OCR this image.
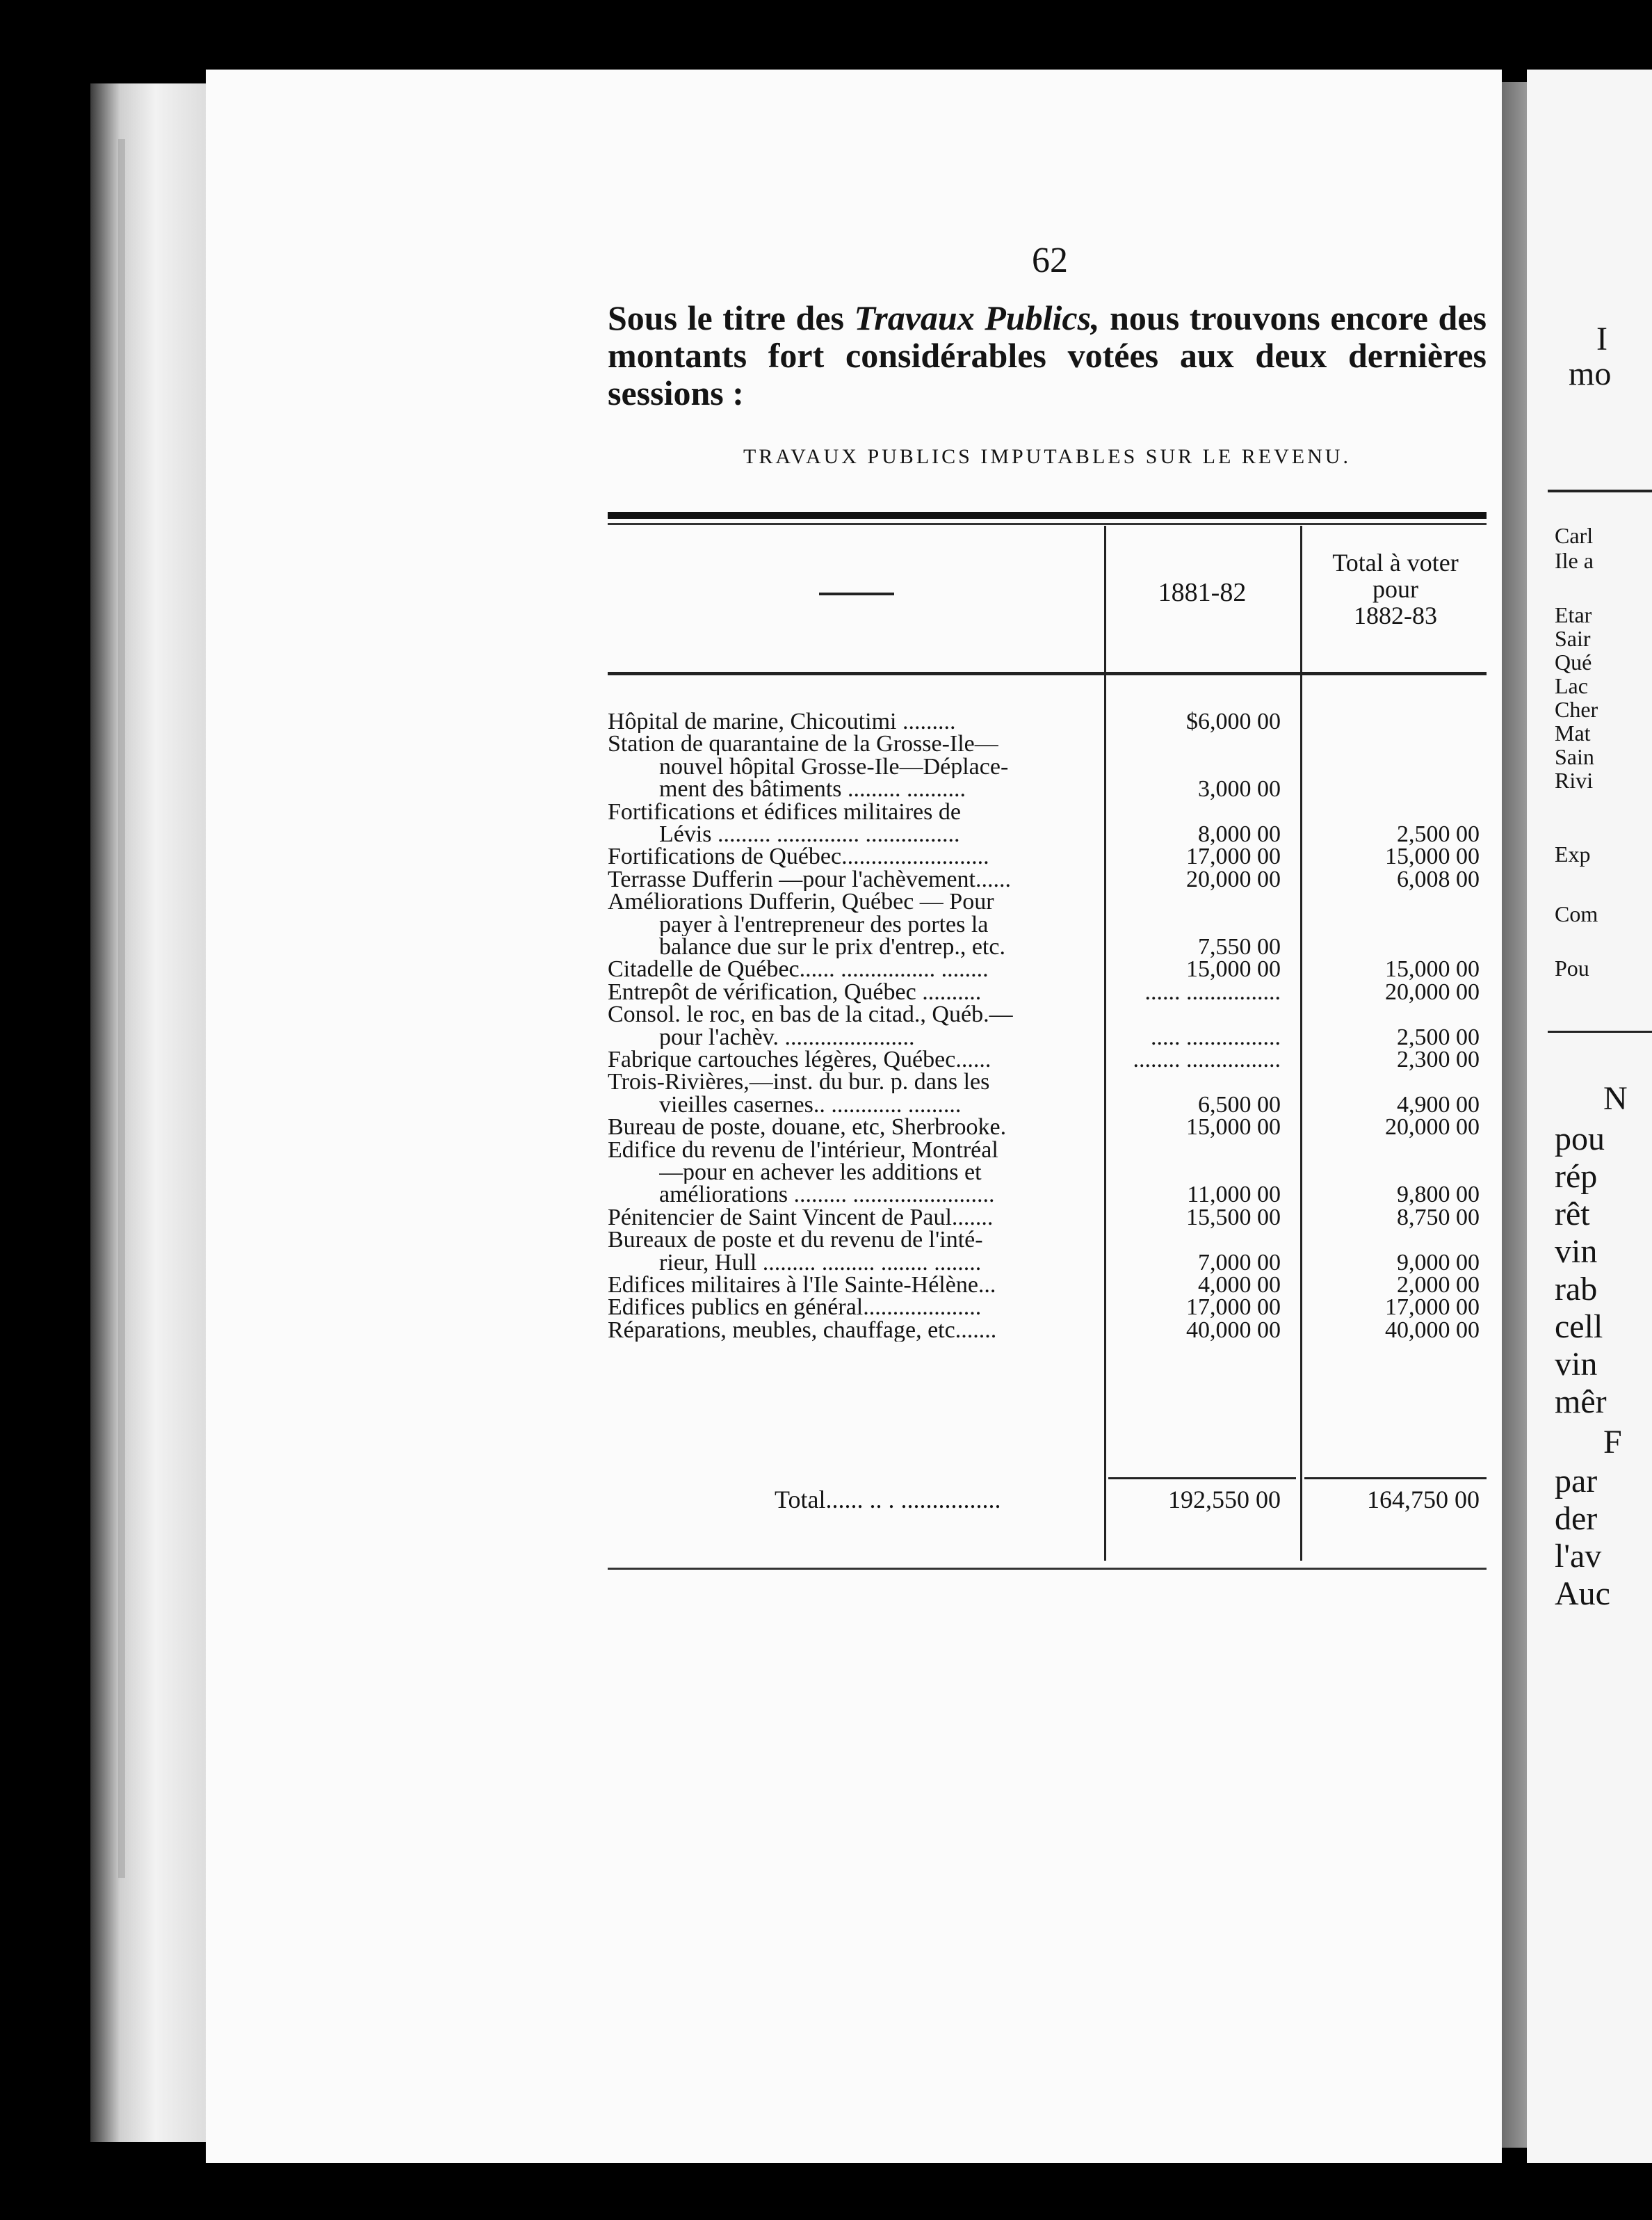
I
mo
Carl
Ile a
Etar
Sair
Qué
Lac
Cher
Mat
Sain
Rivi
Exp
Com
Pou
N
pou
rép
rêt
vin
rab
cell
vin
mêr
F
par
der
l'av
Auc
62
Sous le titre des Travaux Publics, nous trouvons encore des montants fort considérables votées aux deux dernières sessions :
TRAVAUX PUBLICS IMPUTABLES SUR LE REVENU.
1881-82
Total à voter
pour
1882-83
Hôpital de marine, Chicoutimi .........	$6,000 00
Station de quarantaine de la Grosse-Ile—
nouvel hôpital Grosse-Ile—Déplace-
ment des bâtiments ......... ..........	3,000 00
Fortifications et édifices militaires de
Lévis ......... .............. ................	8,000 00	2,500 00
Fortifications de Québec.........................	17,000 00	15,000 00
Terrasse Dufferin —pour l'achèvement......	20,000 00	6,008 00
Améliorations Dufferin, Québec — Pour
payer à l'entrepreneur des portes la
balance due sur le prix d'entrep., etc.	7,550 00
Citadelle de Québec...... ................ ........	15,000 00	15,000 00
Entrepôt de vérification, Québec ..........	...... ................	20,000 00
Consol. le roc, en bas de la citad., Québ.—
pour l'achèv. ......................	..... ................	2,500 00
Fabrique cartouches légères, Québec......	........ ................	2,300 00
Trois-Rivières,—inst. du bur. p. dans les
vieilles casernes.. ............ .........	6,500 00	4,900 00
Bureau de poste, douane, etc, Sherbrooke.	15,000 00	20,000 00
Edifice du revenu de l'intérieur, Montréal
—pour en achever les additions et
améliorations ......... ........................	11,000 00	9,800 00
Pénitencier de Saint Vincent de Paul.......	15,500 00	8,750 00
Bureaux de poste et du revenu de l'inté-
rieur, Hull ......... ......... ........ ........	7,000 00	9,000 00
Edifices militaires à l'Ile Sainte-Hélène...	4,000 00	2,000 00
Edifices publics en général....................	17,000 00	17,000 00
Réparations, meubles, chauffage, etc.......	40,000 00	40,000 00
Total...... .. . ................	192,550 00	164,750 00
